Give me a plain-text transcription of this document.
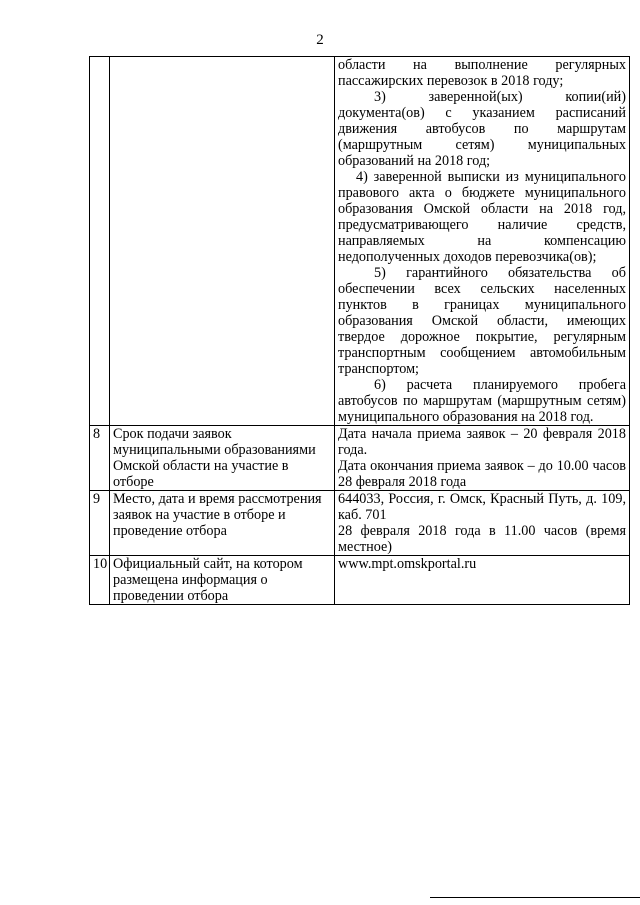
2

		области на выполнение регулярных пассажирских перевозок в 2018 году;

3) заверенной(ых) копии(ий) документа(ов) с указанием расписаний движения автобусов по маршрутам (маршрутным сетям) муниципальных образований на 2018 год;

4) заверенной выписки из муниципального правового акта о бюджете муниципального образования Омской области на 2018 год, предусматривающего наличие средств, направляемых на компенсацию недополученных доходов перевозчика(ов);

5) гарантийного обязательства об обеспечении всех сельских населенных пунктов в границах муниципального образования Омской области, имеющих твердое дорожное покрытие, регулярным транспортным сообщением автомобильным транспортом;

6) расчета планируемого пробега автобусов по маршрутам (маршрутным сетям) муниципального образования на 2018 год.

8	Срок подачи заявок муниципальными образованиями Омской области на участие в отборе	Дата начала приема заявок – 20 февраля 2018 года.

Дата окончания приема заявок – до 10.00 часов 28 февраля 2018 года

9	Место, дата и время рассмотрения заявок на участие в отборе и проведение отбора	644033, Россия, г. Омск, Красный Путь, д. 109, каб. 701

28 февраля 2018 года в 11.00 часов (время местное)

10	Официальный сайт, на котором размещена информация о проведении отбора	www.mpt.omskportal.ru
